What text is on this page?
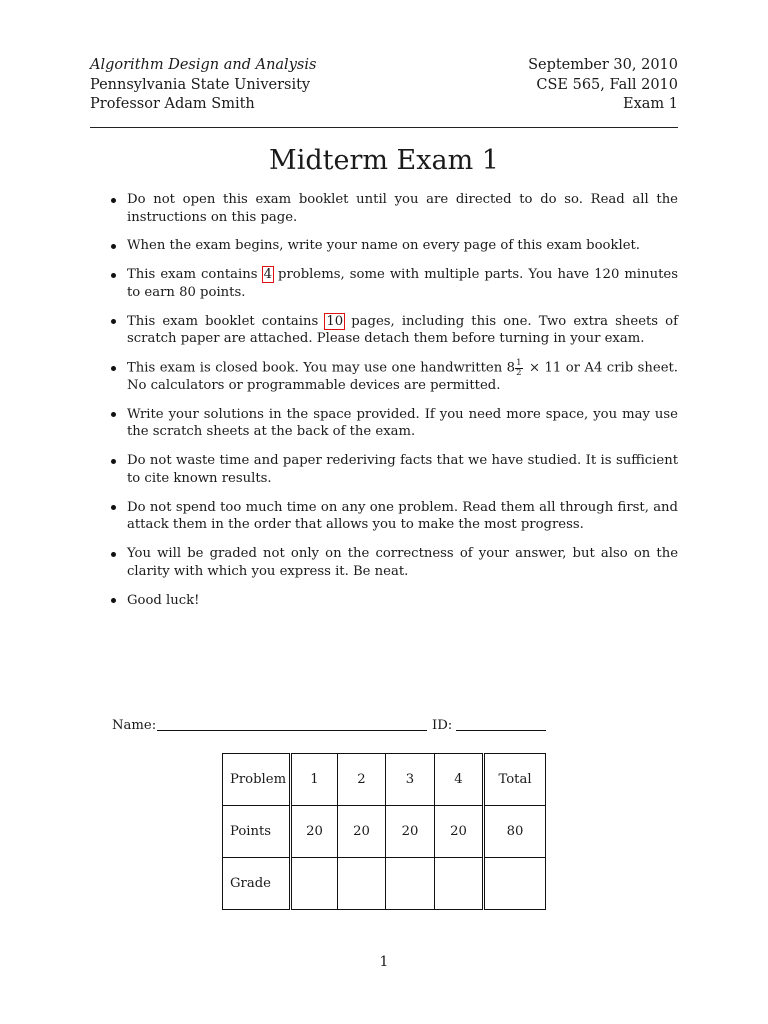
Algorithm Design and Analysis
Pennsylvania State University
Professor Adam Smith
September 30, 2010
CSE 565, Fall 2010
Exam 1
Midterm Exam 1
Do not open this exam booklet until you are directed to do so. Read all the instructions on this page.
When the exam begins, write your name on every page of this exam booklet.
This exam contains 4 problems, some with multiple parts. You have 120 minutes to earn 80 points.
This exam booklet contains 10 pages, including this one. Two extra sheets of scratch paper are attached. Please detach them before turning in your exam.
This exam is closed book. You may use one handwritten $8 \frac{1}{2} \times 11$ or A4 crib sheet. No calculators or programmable devices are permitted.
Write your solutions in the space provided. If you need more space, you may use the scratch sheets at the back of the exam.
Do not waste time and paper rederiving facts that we have studied. It is sufficient to cite known results.
Do not spend too much time on any one problem. Read them all through first, and attack them in the order that allows you to make the most progress.
You will be graded not only on the correctness of your answer, but also on the clarity with which you express it. Be neat.
Good luck!
Name:	ID:
Problem	1	2	3	4	Total
Points	20	20	20	20	80
Grade					
1
